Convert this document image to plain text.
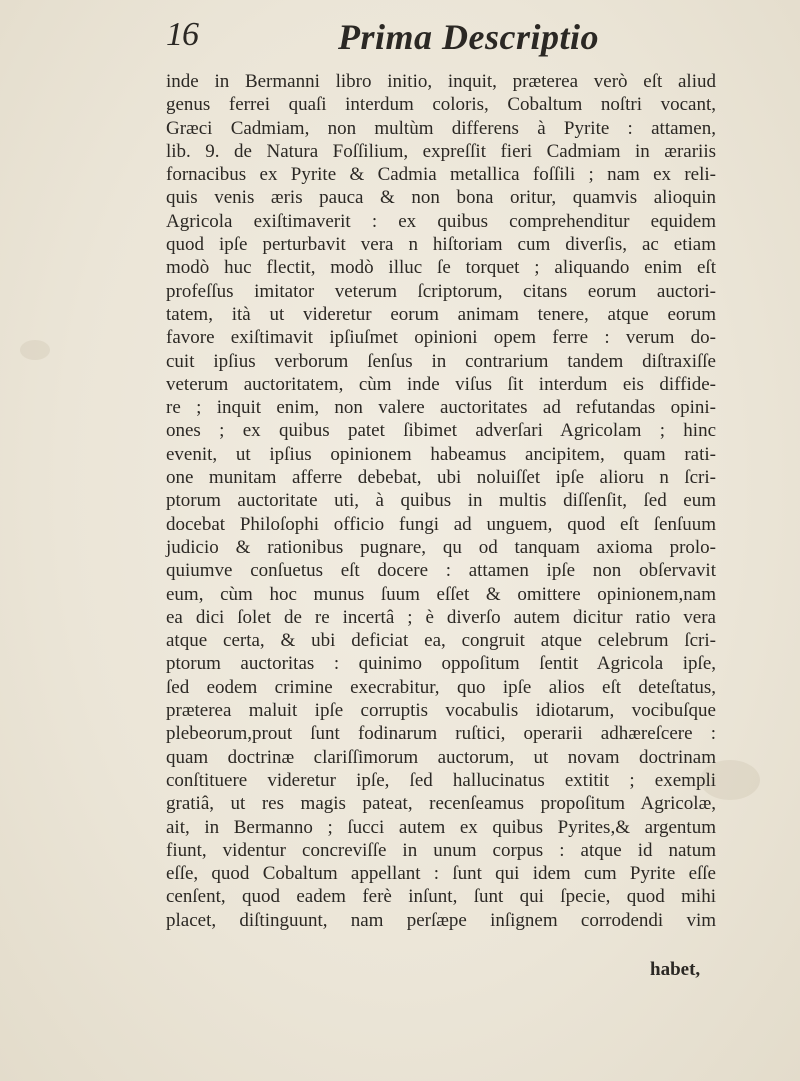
16	Prima Descriptio
inde in Bermanni libro initio, inquit, præterea verò eſt aliud
genus ferrei quaſi interdum coloris, Cobaltum noſtri vocant,
Græci Cadmiam, non multùm differens à Pyrite : attamen,
lib. 9. de Natura Foſſilium, expreſſit fieri Cadmiam in ærariis
fornacibus ex Pyrite & Cadmia metallica foſſili ; nam ex reli-
quis venis æris pauca & non bona oritur, quamvis alioquin
Agricola exiſtimaverit : ex quibus comprehenditur equidem
quod ipſe perturbavit vera n hiſtoriam cum diverſis, ac etiam
modò huc flectit, modò illuc ſe torquet ; aliquando enim eſt
profeſſus imitator veterum ſcriptorum, citans eorum auctori-
tatem, ità ut videretur eorum animam tenere, atque eorum
favore exiſtimavit ipſiuſmet opinioni opem ferre : verum do-
cuit ipſius verborum ſenſus in contrarium tandem diſtraxiſſe
veterum auctoritatem, cùm inde viſus ſit interdum eis diffide-
re ; inquit enim, non valere auctoritates ad refutandas opini-
ones ; ex quibus patet ſibimet adverſari Agricolam ; hinc
evenit, ut ipſius opinionem habeamus ancipitem, quam rati-
one munitam afferre debebat, ubi noluiſſet ipſe alioru n ſcri-
ptorum auctoritate uti, à quibus in multis diſſenſit, ſed eum
docebat Philoſophi officio fungi ad unguem, quod eſt ſenſuum
judicio & rationibus pugnare, qu od tanquam axioma prolo-
quiumve conſuetus eſt docere : attamen ipſe non obſervavit
eum, cùm hoc munus ſuum eſſet & omittere opinionem,nam
ea dici ſolet de re incertâ ; è diverſo autem dicitur ratio vera
atque certa, & ubi deficiat ea, congruit atque celebrum ſcri-
ptorum auctoritas : quinimo oppoſitum ſentit Agricola ipſe,
ſed eodem crimine execrabitur, quo ipſe alios eſt deteſtatus,
præterea maluit ipſe corruptis vocabulis idiotarum, vocibuſque
plebeorum,prout ſunt fodinarum ruſtici, operarii adhæreſcere :
quam doctrinæ clariſſimorum auctorum, ut novam doctrinam
conſtituere videretur ipſe, ſed hallucinatus extitit ; exempli
gratiâ, ut res magis pateat, recenſeamus propoſitum Agricolæ,
ait, in Bermanno ; ſucci autem ex quibus Pyrites,& argentum
fiunt, videntur concreviſſe in unum corpus : atque id natum
eſſe, quod Cobaltum appellant : ſunt qui idem cum Pyrite eſſe
cenſent, quod eadem ferè inſunt, ſunt qui ſpecie, quod mihi
placet, diſtinguunt, nam perſæpe inſignem corrodendi vim
habet,
